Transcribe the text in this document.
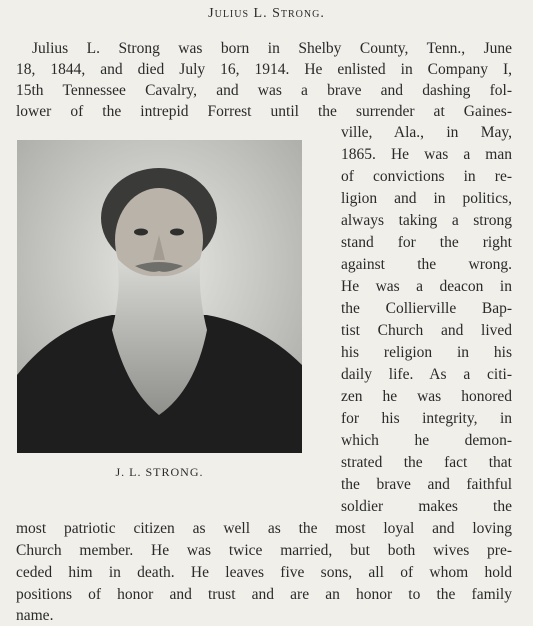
Julius L. Strong.
Julius L. Strong was born in Shelby County, Tenn., June
18, 1844, and died July 16, 1914. He enlisted in Company I,
15th Tennessee Cavalry, and was a brave and dashing fol-
lower of the intrepid Forrest until the surrender at Gaines-
ville, Ala., in May,
1865. He was a man
of convictions in re-
ligion and in politics,
always taking a strong
stand for the right
against the wrong.
He was a deacon in
the Collierville Bap-
tist Church and lived
his religion in his
daily life. As a citi-
zen he was honored
for his integrity, in
which he demon-
strated the fact that
the brave and faithful
soldier makes the
most patriotic citizen as well as the most loyal and loving
Church member. He was twice married, but both wives pre-
ceded him in death. He leaves five sons, all of whom hold
positions of honor and trust and are an honor to the family
name.
J. L. STRONG.
